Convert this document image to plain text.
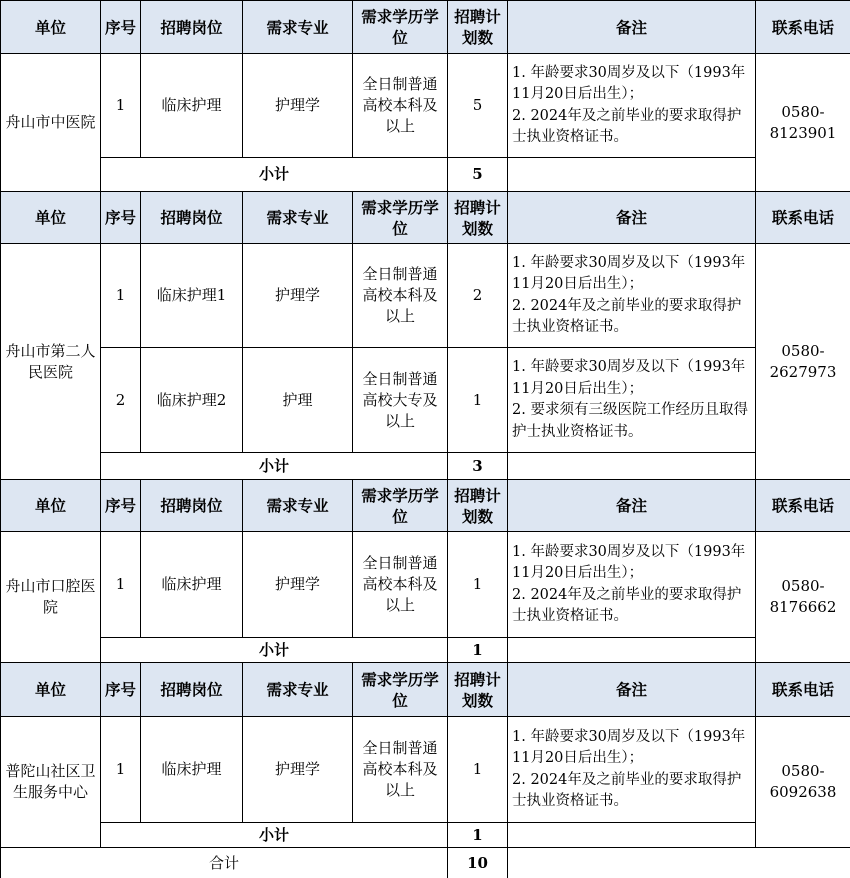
单位	序号	招聘岗位	需求专业	需求学历学位	招聘计划数	备注	联系电话
舟山市中医院	1	临床护理	护理学	全日制普通高校本科及以上	5	1. 年龄要求30周岁及以下（1993年11月20日后出生）；
2. 2024年及之前毕业的要求取得护士执业资格证书。	0580-8123901
	小计				5		
单位	序号	招聘岗位	需求专业	需求学历学位	招聘计划数	备注	联系电话
舟山市第二人民医院	1	临床护理1	护理学	全日制普通高校本科及以上	2	1. 年龄要求30周岁及以下（1993年11月20日后出生）；
2. 2024年及之前毕业的要求取得护士执业资格证书。	0580-2627973
	2	临床护理2	护理	全日制普通高校大专及以上	1	1. 年龄要求30周岁及以下（1993年11月20日后出生）；
2. 要求须有三级医院工作经历且取得护士执业资格证书。	
	小计				3		
单位	序号	招聘岗位	需求专业	需求学历学位	招聘计划数	备注	联系电话
舟山市口腔医院	1	临床护理	护理学	全日制普通高校本科及以上	1	1. 年龄要求30周岁及以下（1993年11月20日后出生）；
2. 2024年及之前毕业的要求取得护士执业资格证书。	0580-8176662
	小计				1		
单位	序号	招聘岗位	需求专业	需求学历学位	招聘计划数	备注	联系电话
普陀山社区卫生服务中心	1	临床护理	护理学	全日制普通高校本科及以上	1	1. 年龄要求30周岁及以下（1993年11月20日后出生）；
2. 2024年及之前毕业的要求取得护士执业资格证书。	0580-6092638
	小计				1		
合计					10		
